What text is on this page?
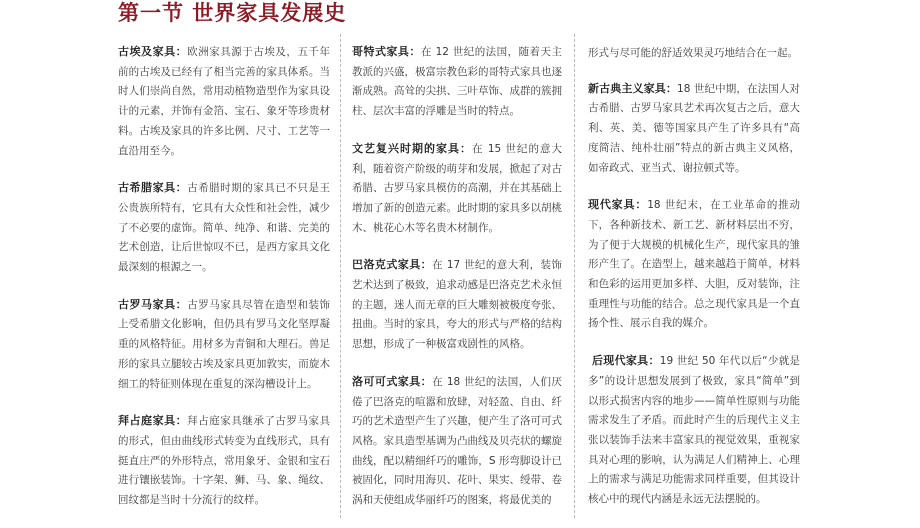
第一节 世界家具发展史

古埃及家具：欧洲家具源于古埃及，五千年前的古埃及已经有了相当完善的家具体系。当时人们崇尚自然，常用动植物造型作为家具设计的元素，并饰有金箔、宝石、象牙等珍贵材料。古埃及家具的许多比例、尺寸、工艺等一直沿用至今。

古希腊家具：古希腊时期的家具已不只是王公贵族所特有，它具有大众性和社会性，减少了不必要的虚饰。简单、纯净、和谐、完美的艺术创造，让后世惊叹不已，是西方家具文化最深刻的根源之一。

古罗马家具：古罗马家具尽管在造型和装饰上受希腊文化影响，但仍具有罗马文化坚厚凝重的风格特征。用材多为青铜和大理石。兽足形的家具立腿较古埃及家具更加敦实，而旋木细工的特征则体现在重复的深沟槽设计上。

拜占庭家具：拜占庭家具继承了古罗马家具的形式，但由曲线形式转变为直线形式，具有挺直庄严的外形特点，常用象牙、金银和宝石进行镶嵌装饰。十字架、狮、马、象、绳纹、回纹都是当时十分流行的纹样。

哥特式家具：在 12 世纪的法国，随着天主教派的兴盛，极富宗教色彩的哥特式家具也逐渐成熟。高耸的尖拱、三叶草饰、成群的簇拥柱、层次丰富的浮雕是当时的特点。

文艺复兴时期的家具：在 15 世纪的意大利，随着资产阶级的萌芽和发展，掀起了对古希腊、古罗马家具模仿的高潮，并在其基础上增加了新的创造元素。此时期的家具多以胡桃木、桃花心木等名贵木材制作。

巴洛克式家具：在 17 世纪的意大利，装饰艺术达到了极致，追求动感是巴洛克艺术永恒的主题，迷人而无章的巨大雕刻被极度夸张、扭曲。当时的家具，夸大的形式与严格的结构思想，形成了一种极富戏剧性的风格。

洛可可式家具：在 18 世纪的法国，人们厌倦了巴洛克的喧嚣和放肆，对轻盈、自由、纤巧的艺术造型产生了兴趣，便产生了洛可可式风格。家具造型基调为凸曲线及贝壳状的螺旋曲线，配以精细纤巧的雕饰，S 形弯脚设计已被固化，同时用海贝、花叶、果实、绶带、卷涡和天使组成华丽纤巧的图案，将最优美的

形式与尽可能的舒适效果灵巧地结合在一起。

新古典主义家具：18 世纪中期，在法国人对古希腊、古罗马家具艺术再次复古之后，意大利、英、美、德等国家具产生了许多具有“高度简洁、纯朴壮丽”特点的新古典主义风格，如帝政式、亚当式、谢拉顿式等。

现代家具：18 世纪末，在工业革命的推动下，各种新技术、新工艺、新材料层出不穷，为了便于大规模的机械化生产，现代家具的雏形产生了。在造型上，越来越趋于简单，材料和色彩的运用更加多样、大胆，反对装饰，注重理性与功能的结合。总之现代家具是一个直扬个性、展示自我的媒介。

后现代家具：19 世纪 50 年代以后“少就是多”的设计思想发展到了极致，家具“简单”到以形式损害内容的地步——简单性原则与功能需求发生了矛盾。而此时产生的后现代主义主张以装饰手法来丰富家具的视觉效果，重视家具对心理的影响，认为满足人们精神上、心理上的需求与满足功能需求同样重要，但其设计核心中的现代内涵是永远无法摆脱的。
